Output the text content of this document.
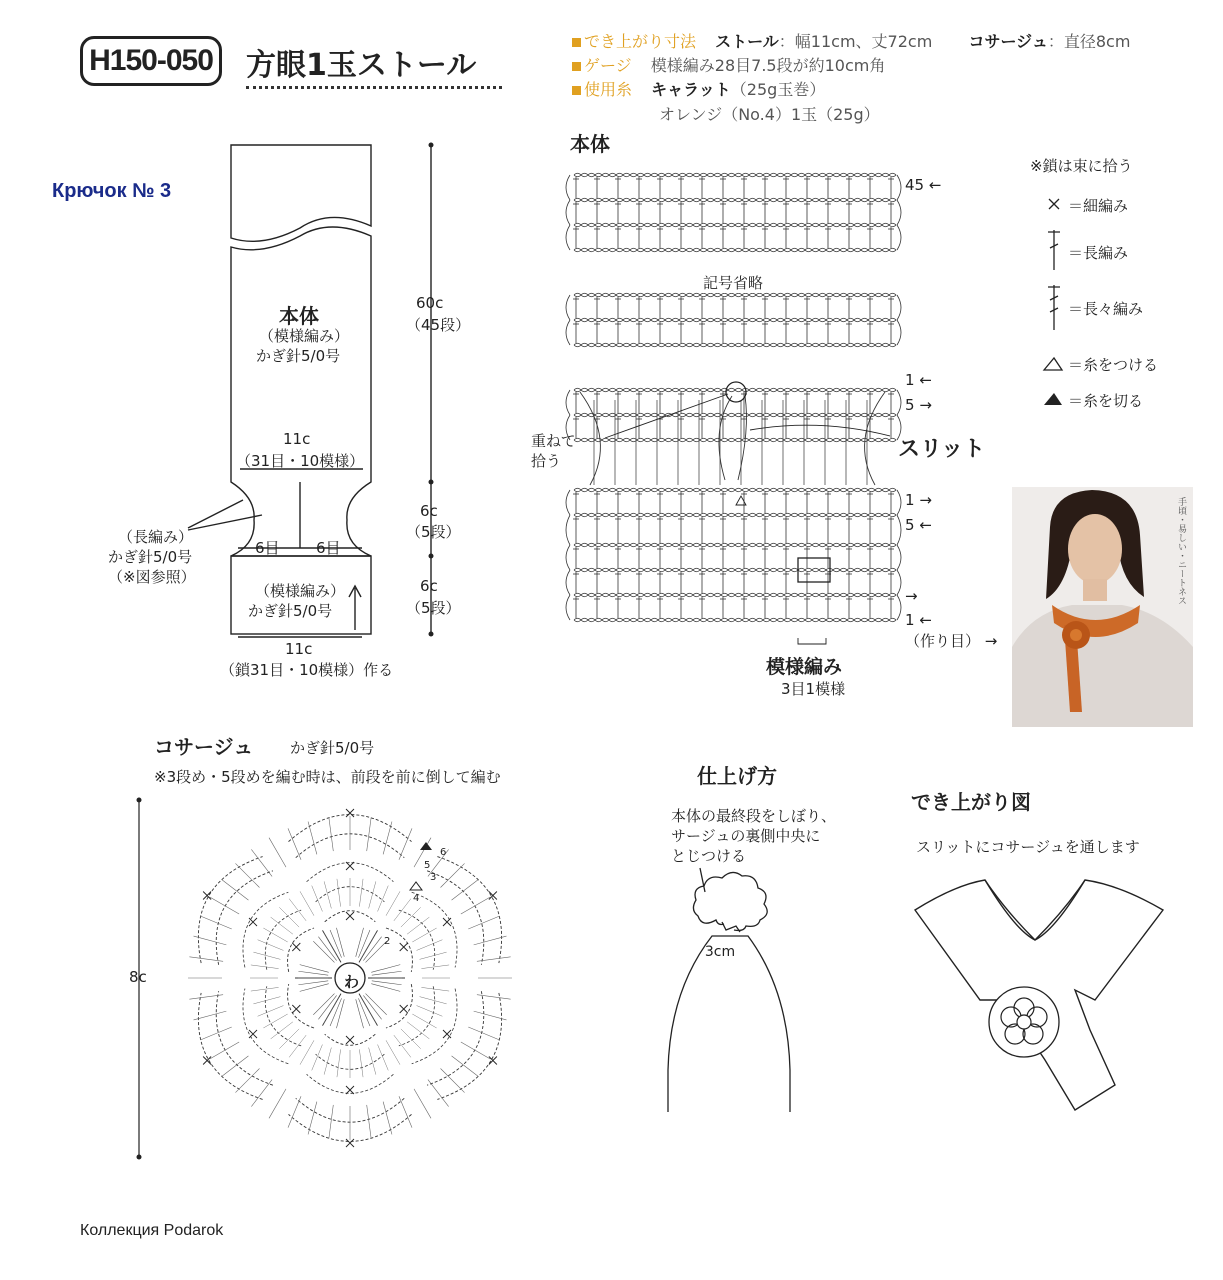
H150-050 方眼1玉ストール
でき上がり寸法 ストール：幅11cm、丈72cm コサージュ：直径8cm
ゲージ 模様編み28目7.5段が約10cm角
使用糸 キャラット（25g玉巻）
オレンジ（No.4）1玉（25g）
Крючок № 3
本体
（模様編み）
かぎ針5/0号
11c
（31目・10模様）
60c
（45段）
6c
（5段）
6c
（5段）
（長編み）
かぎ針5/0号
（※図参照）
6目 6目
（模様編み）
かぎ針5/0号
11c
（鎖31目・10模様）作る
本体
45 ←
記号省略
1 ←
5 →
重ねて
拾う	スリット
1 →
5 ←
→
1 ←
（作り目） →
模様編み
3目1模様
※鎖は束に拾う
＝細編み
＝長編み
＝長々編み
＝糸をつける
＝糸を切る
手頃・易しい・ニートネス
コサージュ かぎ針5/0号
※3段め・5段めを編む時は、前段を前に倒して編む
8c	わ
2
3
4
5
6
仕上げ方
本体の最終段をしぼり、
サージュの裏側中央に
とじつける
3cm
でき上がり図
スリットにコサージュを通します
Коллекция Podarok
